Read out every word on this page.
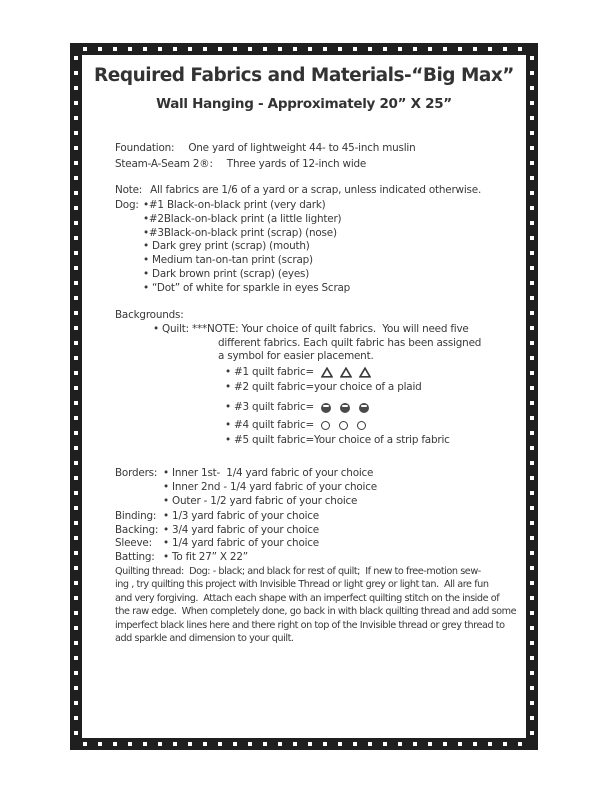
Required Fabrics and Materials-“Big Max”
Wall Hanging - Approximately 20” X 25”
Foundation: One yard of lightweight 44- to 45-inch muslin
Steam-A-Seam 2®: Three yards of 12-inch wide
Note: All fabrics are 1/6 of a yard or a scrap, unless indicated otherwise.
Dog: •#1 Black-on-black print (very dark)
•#2Black-on-black print (a little lighter)
•#3Black-on-black print (scrap) (nose)
• Dark grey print (scrap) (mouth)
• Medium tan-on-tan print (scrap)
• Dark brown print (scrap) (eyes)
• “Dot” of white for sparkle in eyes Scrap
Backgrounds:
• Quilt: ***NOTE: Your choice of quilt fabrics.  You will need five
different fabrics. Each quilt fabric has been assigned
a symbol for easier placement.
• #1 quilt fabric=
• #2 quilt fabric=your choice of a plaid
• #3 quilt fabric=
• #4 quilt fabric=
• #5 quilt fabric=Your choice of a strip fabric
Borders: • Inner 1st-  1/4 yard fabric of your choice
• Inner 2nd - 1/4 yard fabric of your choice
• Outer - 1/2 yard fabric of your choice
Binding: • 1/3 yard fabric of your choice
Backing: • 3/4 yard fabric of your choice
Sleeve:	• 1/4 yard fabric of your choice
Batting: • To fit 27” X 22”
Quilting thread:  Dog: - black; and black for rest of quilt;  If new to free-motion sew-
ing , try quilting this project with Invisible Thread or light grey or light tan.  All are fun
and very forgiving.  Attach each shape with an imperfect quilting stitch on the inside of
the raw edge.  When completely done, go back in with black quilting thread and add some
imperfect black lines here and there right on top of the Invisible thread or grey thread to
add sparkle and dimension to your quilt.
